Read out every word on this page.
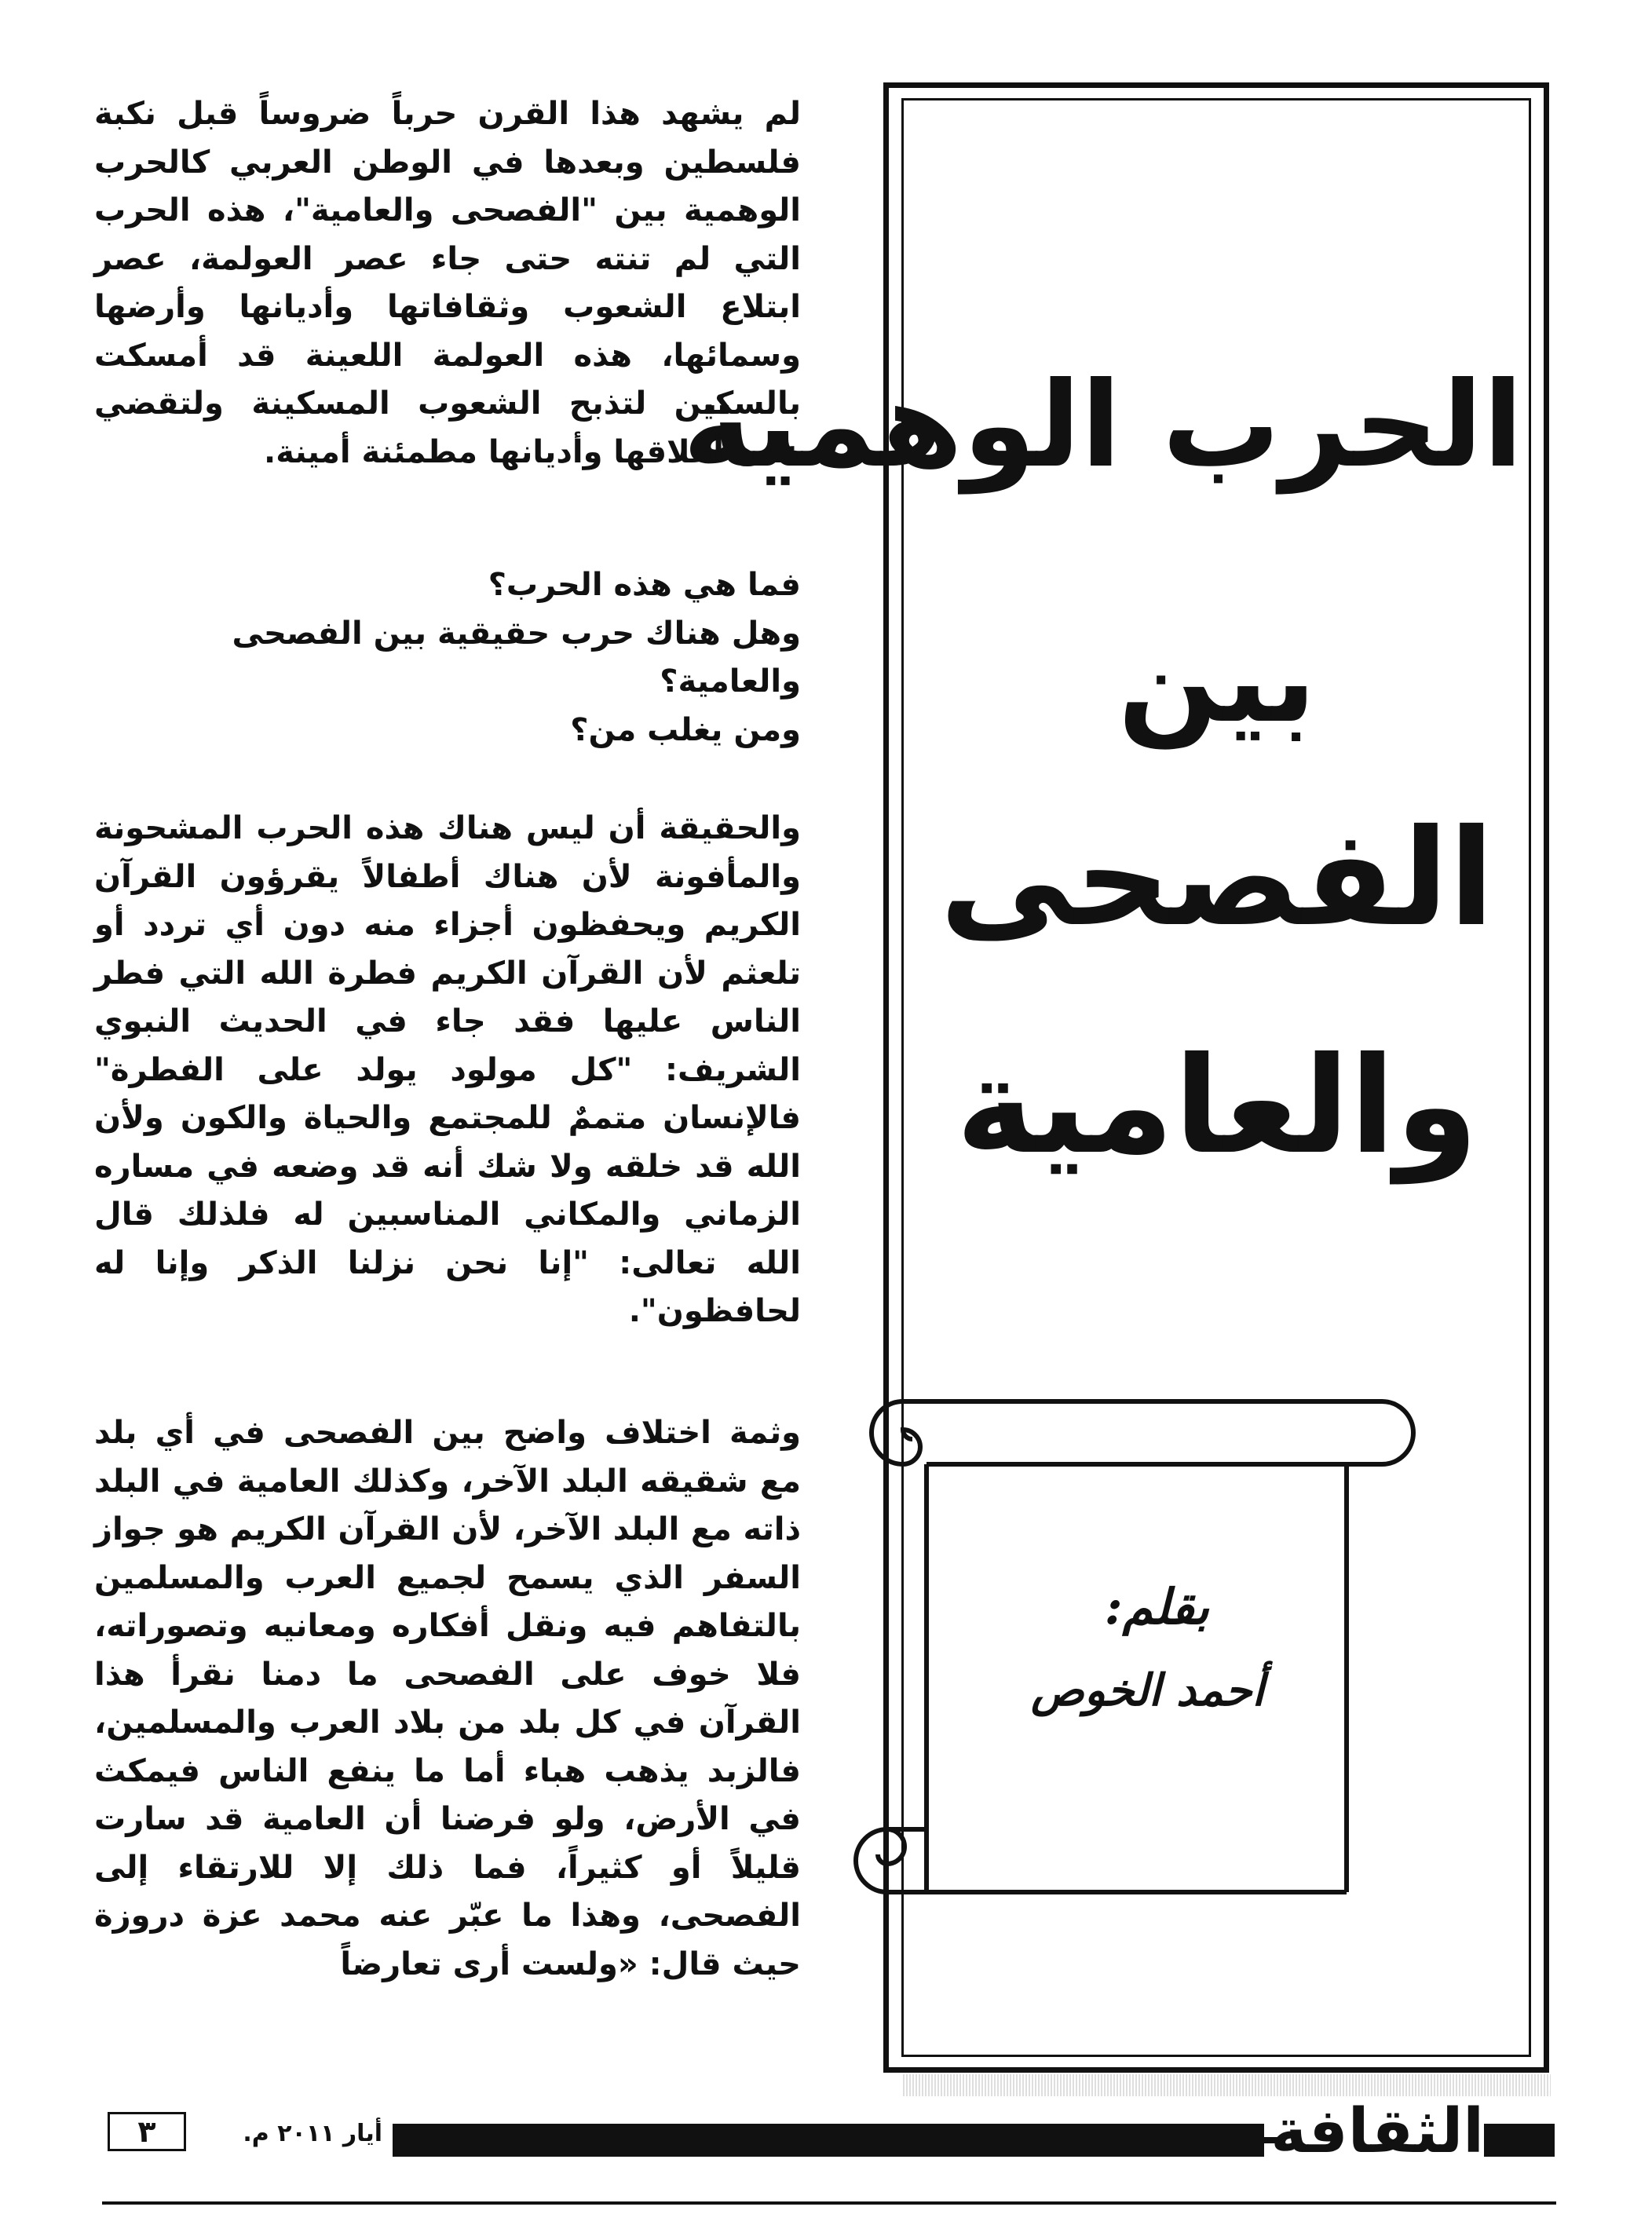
الحرب الوهمية
بين
الفصحى
والعامية
بقلم:
أحمد الخوص

لم يشهد هذا القرن حرباً ضروساً قبل نكبة فلسطين وبعدها في الوطن العربي كالحرب الوهمية بين "الفصحى والعامية"، هذه الحرب التي لم تنته حتى جاء عصر العولمة، عصر ابتلاع الشعوب وثقافاتها وأديانها وأرضها وسمائها، هذه العولمة اللعينة قد أمسكت بالسكين لتذبح الشعوب المسكينة ولتقضي على أخلاقها وأديانها مطمئنة أمينة.

فما هي هذه الحرب؟
وهل هناك حرب حقيقية بين الفصحى والعامية؟
ومن يغلب من؟

والحقيقة أن ليس هناك هذه الحرب المشحونة والمأفونة لأن هناك أطفالاً يقرؤون القرآن الكريم ويحفظون أجزاء منه دون أي تردد أو تلعثم لأن القرآن الكريم فطرة الله التي فطر الناس عليها فقد جاء في الحديث النبوي الشريف: "كل مولود يولد على الفطرة" فالإنسان متممٌ للمجتمع والحياة والكون ولأن الله قد خلقه ولا شك أنه قد وضعه في مساره الزماني والمكاني المناسبين له فلذلك قال الله تعالى: "إنا نحن نزلنا الذكر وإنا له لحافظون".

وثمة اختلاف واضح بين الفصحى في أي بلد مع شقيقه البلد الآخر، وكذلك العامية في البلد ذاته مع البلد الآخر، لأن القرآن الكريم هو جواز السفر الذي يسمح لجميع العرب والمسلمين بالتفاهم فيه ونقل أفكاره ومعانيه وتصوراته، فلا خوف على الفصحى ما دمنا نقرأ هذا القرآن في كل بلد من بلاد العرب والمسلمين، فالزبد يذهب هباء أما ما ينفع الناس فيمكث في الأرض، ولو فرضنا أن العامية قد سارت قليلاً أو كثيراً، فما ذلك إلا للارتقاء إلى الفصحى، وهذا ما عبّر عنه محمد عزة دروزة حيث قال: «ولست أرى تعارضاً

الثقافة
أيار ٢٠١١ م.
٣
